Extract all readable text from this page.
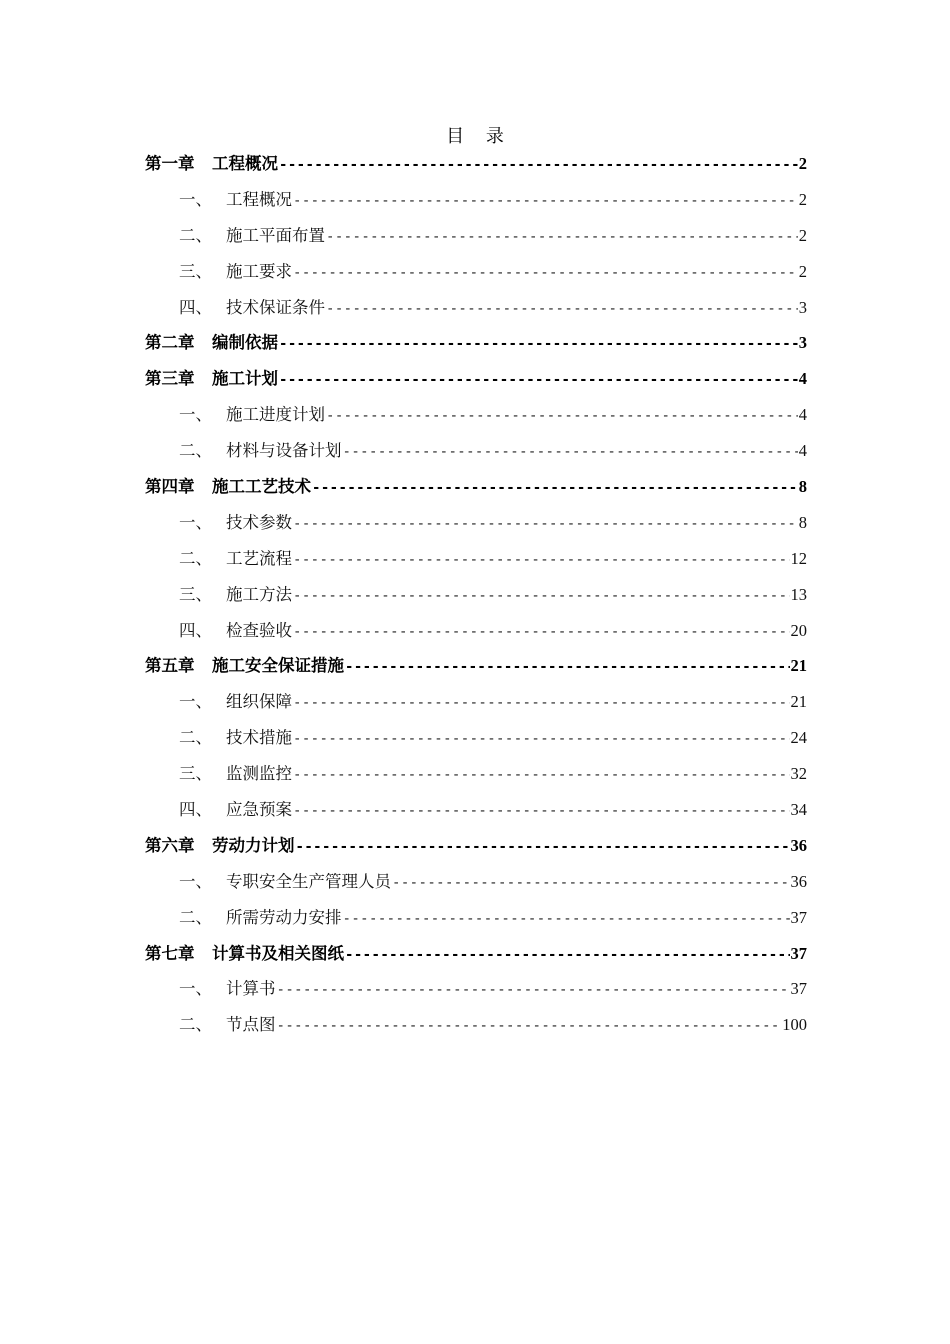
目 录
第一章	工程概况 -----	2
一、 工程概况 -----	2
二、 施工平面布置 -----	2
三、 施工要求 -----	2
四、 技术保证条件 -----	3
第二章	编制依据 -----	3
第三章	施工计划 -----	4
一、 施工进度计划 -----	4
二、 材料与设备计划 -----	4
第四章	施工工艺技术 -----	8
一、 技术参数 -----	8
二、 工艺流程 -----	12
三、 施工方法 -----	13
四、 检查验收 -----	20
第五章	施工安全保证措施 -----	21
一、 组织保障 -----	21
二、 技术措施 -----	24
三、 监测监控 -----	32
四、 应急预案 -----	34
第六章	劳动力计划 -----	36
一、 专职安全生产管理人员 -----	36
二、 所需劳动力安排 -----	37
第七章	计算书及相关图纸 -----	37
一、 计算书 -----	37
二、 节点图 -----	100
